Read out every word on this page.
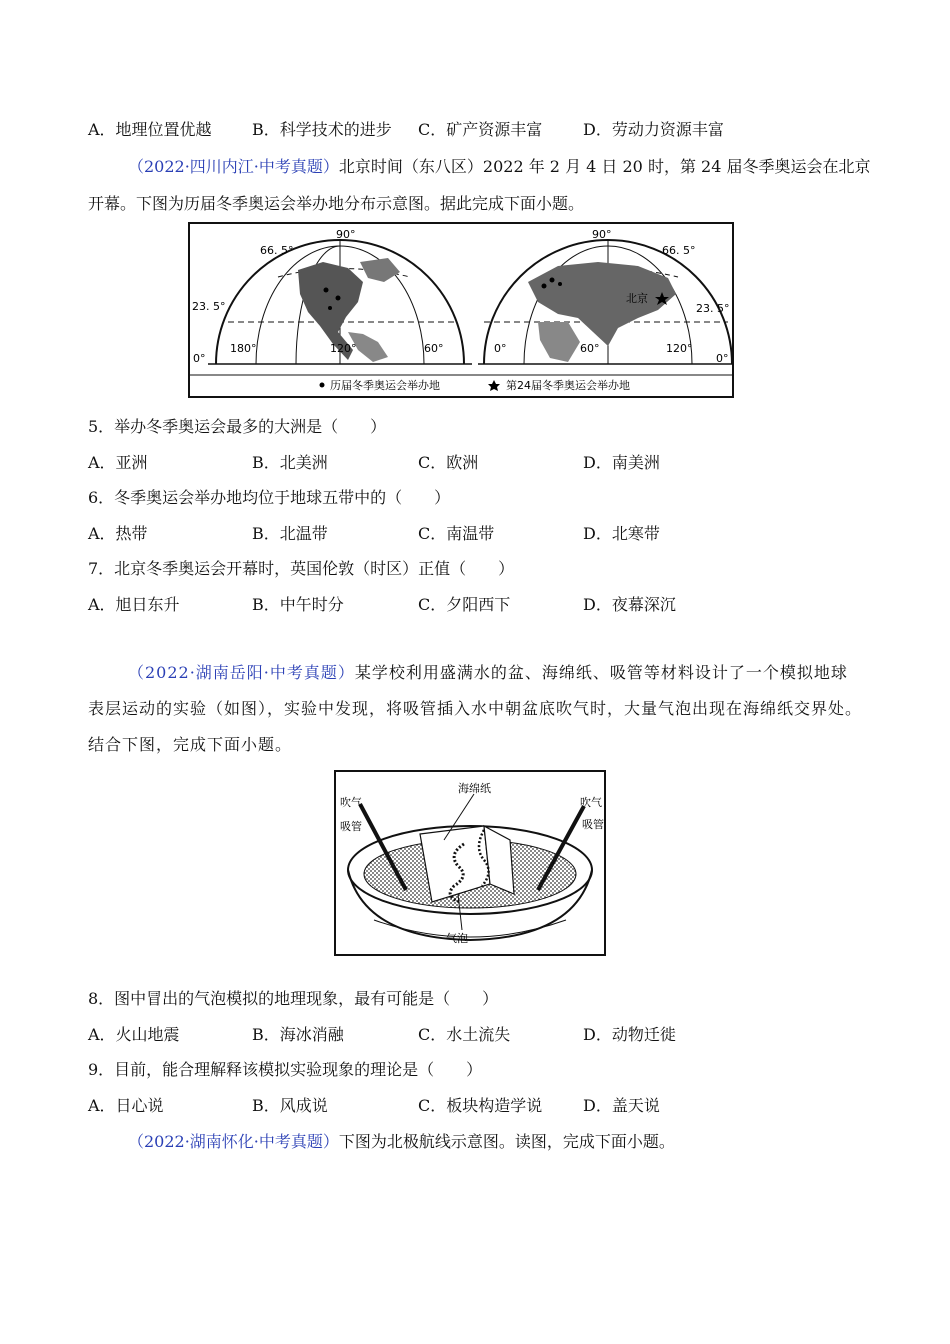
A．地理位置优越	B．科学技术的进步 C．矿产资源丰富	D．劳动力资源丰富
（2022·四川内江·中考真题）北京时间（东八区）2022 年 2 月 4 日 20 时，第 24 届冬季奥运会在北京
开幕。下图为历届冬季奥运会举办地分布示意图。据此完成下面小题。
66. 5°
90°
23. 5°
0°
180°	120°	60°	0°	60°
90°
66. 5°
北京
23. 5°
120°
0°
历届冬季奥运会举办地	第24届冬季奥运会举办地
5．举办冬季奥运会最多的大洲是（　　）
A．亚洲	B．北美洲	C．欧洲	D．南美洲
6．冬季奥运会举办地均位于地球五带中的（　　）
A．热带	B．北温带	C．南温带	D．北寒带
7．北京冬季奥运会开幕时，英国伦敦（时区）正值（　　）
A．旭日东升	B．中午时分	C．夕阳西下	D．夜幕深沉
（2022·湖南岳阳·中考真题）某学校利用盛满水的盆、海绵纸、吸管等材料设计了一个模拟地球表层运动的实验（如图），实验中发现，将吸管插入水中朝盆底吹气时，大量气泡出现在海绵纸交界处。结合下图，完成下面小题。
海绵纸
吹气
吸管
吹气
吸管
气泡
8．图中冒出的气泡模拟的地理现象，最有可能是（　　）
A．火山地震	B．海冰消融	C．水土流失	D．动物迁徙
9．目前，能合理解释该模拟实验现象的理论是（　　）
A．日心说	B．风成说	C．板块构造学说	D．盖天说
（2022·湖南怀化·中考真题）下图为北极航线示意图。读图，完成下面小题。
